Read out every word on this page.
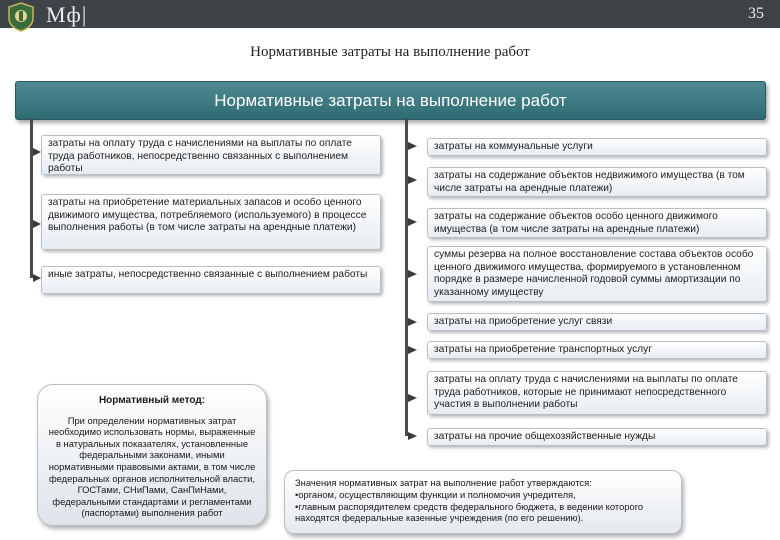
Мф|	35
Нормативные затраты на выполнение работ
Нормативные затраты на выполнение работ
затраты на оплату труда с начислениями на выплаты по оплате труда работников, непосредственно связанных с выполнением работы
затраты на приобретение материальных запасов и особо ценного движимого имущества, потребляемого (используемого) в процессе выполнения работы (в том числе затраты на арендные платежи)
иные затраты, непосредственно связанные с выполнением работы
затраты на коммунальные услуги
затраты на содержание объектов недвижимого имущества (в том числе затраты на арендные платежи)
затраты на содержание объектов особо ценного движимого имущества (в том числе затраты на арендные платежи)
суммы резерва на полное восстановление состава объектов особо ценного движимого имущества, формируемого в установленном порядке в размере начисленной годовой суммы амортизации по указанному имуществу
затраты на приобретение услуг связи
затраты на приобретение транспортных услуг
затраты на оплату труда с начислениями на выплаты по оплате труда работников, которые не принимают непосредственного участия в выполнении работы
затраты на прочие общехозяйственные нужды
Нормативный метод:
При определении нормативных затрат необходимо использовать нормы, выраженные в натуральных показателях, установленные федеральными законами, иными нормативными правовыми актами, в том числе федеральных органов исполнительной власти, ГОСТами, СНиПами, СанПиНами, федеральными стандартами и регламентами (паспортами) выполнения работ
Значения нормативных затрат на выполнение работ утверждаются:
•органом, осуществляющим функции и полномочия учредителя,
•главным распорядителем средств федерального бюджета, в ведении которого находятся федеральные казенные учреждения (по его решению).
